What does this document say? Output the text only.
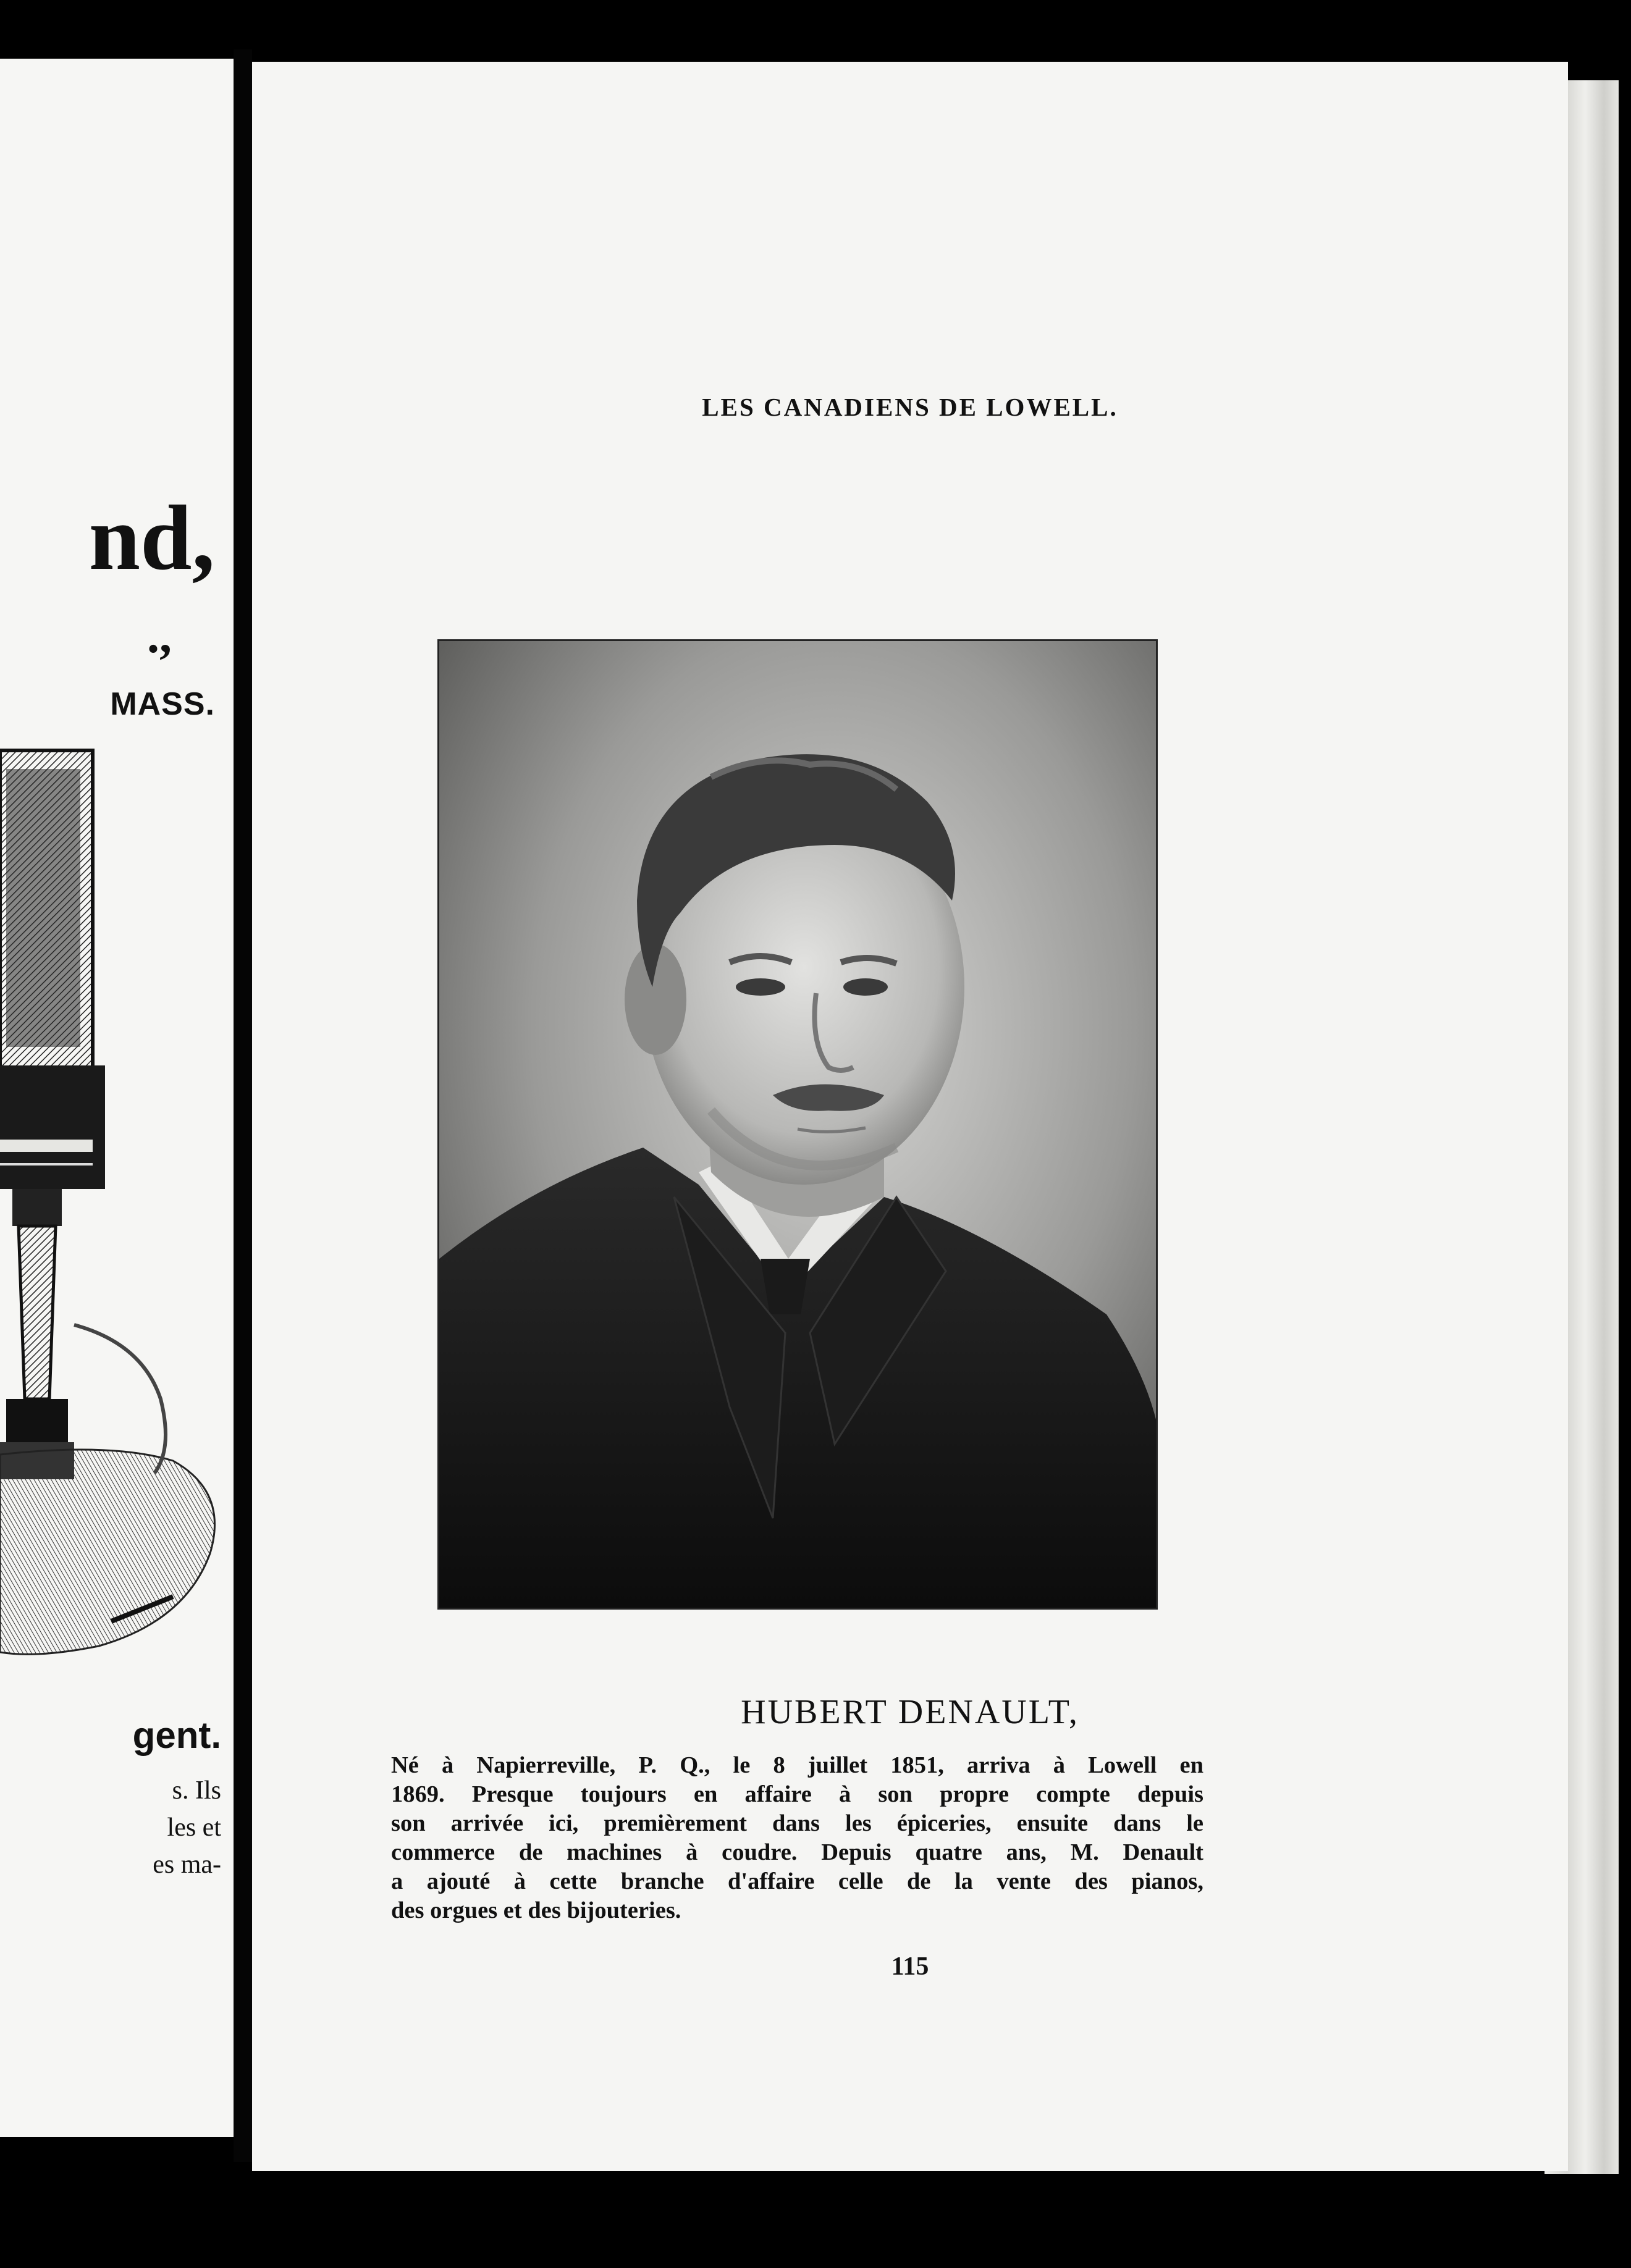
nd,
.,
MASS.
gent.
s. Ils
les et
es ma-
LES CANADIENS DE LOWELL.
HUBERT DENAULT,
Né à Napierreville, P. Q., le 8 juillet 1851, arriva à Lowell en
1869. Presque toujours en affaire à son propre compte depuis
son arrivée ici, premièrement dans les épiceries, ensuite dans le
commerce de machines à coudre. Depuis quatre ans, M. Denault
a ajouté à cette branche d'affaire celle de la vente des pianos,
des orgues et des bijouteries.
115
